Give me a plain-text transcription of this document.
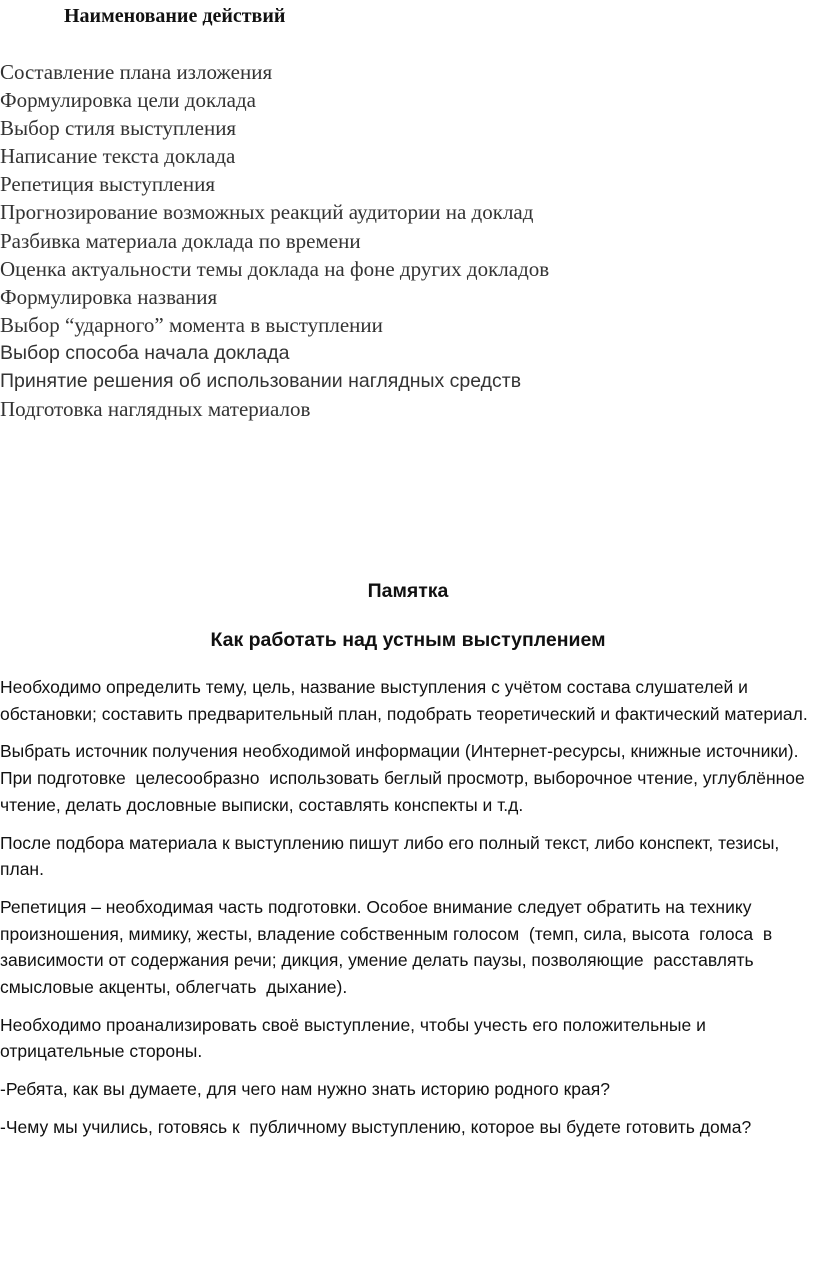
Наименование действий
Составление плана изложения
Формулировка цели доклада
Выбор стиля выступления
Написание текста доклада
Репетиция выступления
Прогнозирование возможных реакций аудитории на доклад
Разбивка материала доклада по времени
Оценка актуальности темы доклада на фоне других докладов
Формулировка названия
Выбор “ударного” момента в выступлении
Выбор способа начала доклада
Принятие решения об использовании наглядных средств
Подготовка наглядных материалов
Памятка
Как работать над устным выступлением

Необходимо определить тему, цель, название выступления с учётом состава слушателей и обстановки; составить предварительный план, подобрать теоретический и фактический материал.

Выбрать источник получения необходимой информации (Интернет-ресурсы, книжные источники). При подготовке  целесообразно  использовать беглый просмотр, выборочное чтение, углублённое чтение, делать дословные выписки, составлять конспекты и т.д.

После подбора материала к выступлению пишут либо его полный текст, либо конспект, тезисы,  план.

Репетиция – необходимая часть подготовки. Особое внимание следует обратить на технику произношения, мимику, жесты, владение собственным голосом  (темп, сила, высота  голоса  в зависимости от содержания речи; дикция, умение делать паузы, позволяющие  расставлять  смысловые акценты, облегчать  дыхание).

Необходимо проанализировать своё выступление, чтобы учесть его положительные и отрицательные стороны.

-Ребята, как вы думаете, для чего нам нужно знать историю родного края?

-Чему мы учились, готовясь к  публичному выступлению, которое вы будете готовить дома?
